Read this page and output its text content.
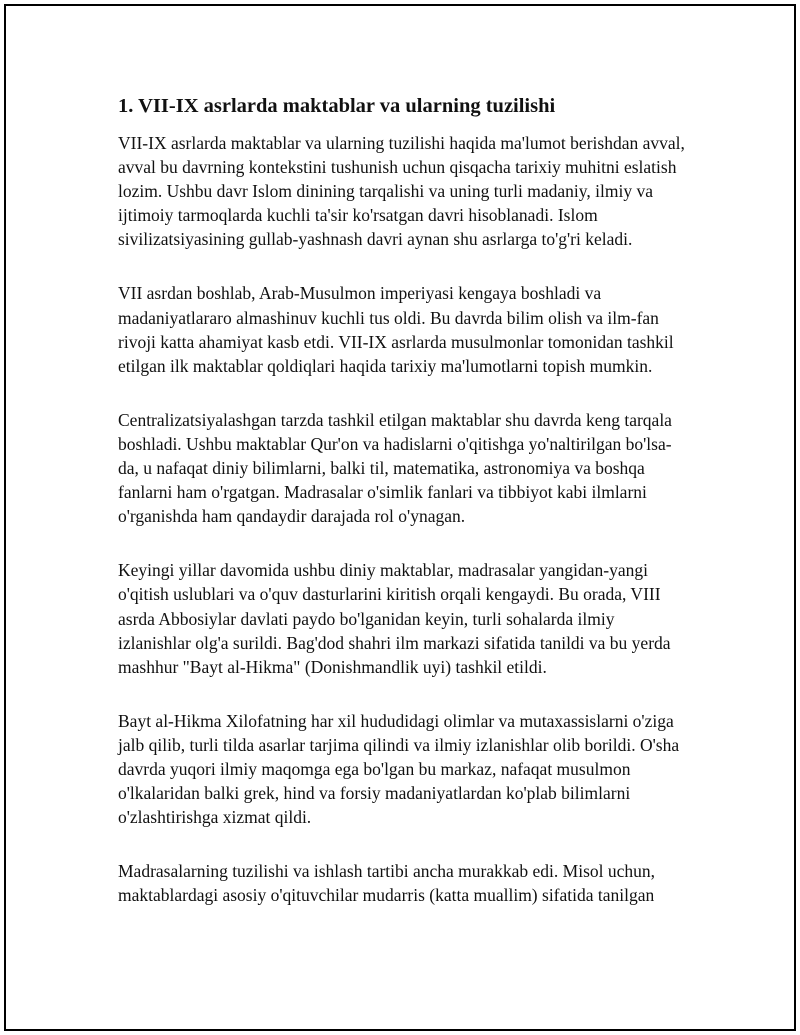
1. VII-IX asrlarda maktablar va ularning tuzilishi

VII-IX asrlarda maktablar va ularning tuzilishi haqida ma'lumot berishdan avval, avval bu davrning kontekstini tushunish uchun qisqacha tarixiy muhitni eslatish lozim. Ushbu davr Islom dinining tarqalishi va uning turli madaniy, ilmiy va ijtimoiy tarmoqlarda kuchli ta'sir ko'rsatgan davri hisoblanadi. Islom sivilizatsiyasining gullab-yashnash davri aynan shu asrlarga to'g'ri keladi.

VII asrdan boshlab, Arab-Musulmon imperiyasi kengaya boshladi va madaniyatlararo almashinuv kuchli tus oldi. Bu davrda bilim olish va ilm-fan rivoji katta ahamiyat kasb etdi. VII-IX asrlarda musulmonlar tomonidan tashkil etilgan ilk maktablar qoldiqlari haqida tarixiy ma'lumotlarni topish mumkin.

Centralizatsiyalashgan tarzda tashkil etilgan maktablar shu davrda keng tarqala boshladi. Ushbu maktablar Qur'on va hadislarni o'qitishga yo'naltirilgan bo'lsa-da, u nafaqat diniy bilimlarni, balki til, matematika, astronomiya va boshqa fanlarni ham o'rgatgan. Madrasalar o'simlik fanlari va tibbiyot kabi ilmlarni o'rganishda ham qandaydir darajada rol o'ynagan.

Keyingi yillar davomida ushbu diniy maktablar, madrasalar yangidan-yangi o'qitish uslublari va o'quv dasturlarini kiritish orqali kengaydi. Bu orada, VIII asrda Abbosiylar davlati paydo bo'lganidan keyin, turli sohalarda ilmiy izlanishlar olg'a surildi. Bag'dod shahri ilm markazi sifatida tanildi va bu yerda mashhur "Bayt al-Hikma" (Donishmandlik uyi) tashkil etildi.

Bayt al-Hikma Xilofatning har xil hududidagi olimlar va mutaxassislarni o'ziga jalb qilib, turli tilda asarlar tarjima qilindi va ilmiy izlanishlar olib borildi. O'sha davrda yuqori ilmiy maqomga ega bo'lgan bu markaz, nafaqat musulmon o'lkalaridan balki grek, hind va forsiy madaniyatlardan ko'plab bilimlarni o'zlashtirishga xizmat qildi.

Madrasalarning tuzilishi va ishlash tartibi ancha murakkab edi. Misol uchun, maktablardagi asosiy o'qituvchilar mudarris (katta muallim) sifatida tanilgan
